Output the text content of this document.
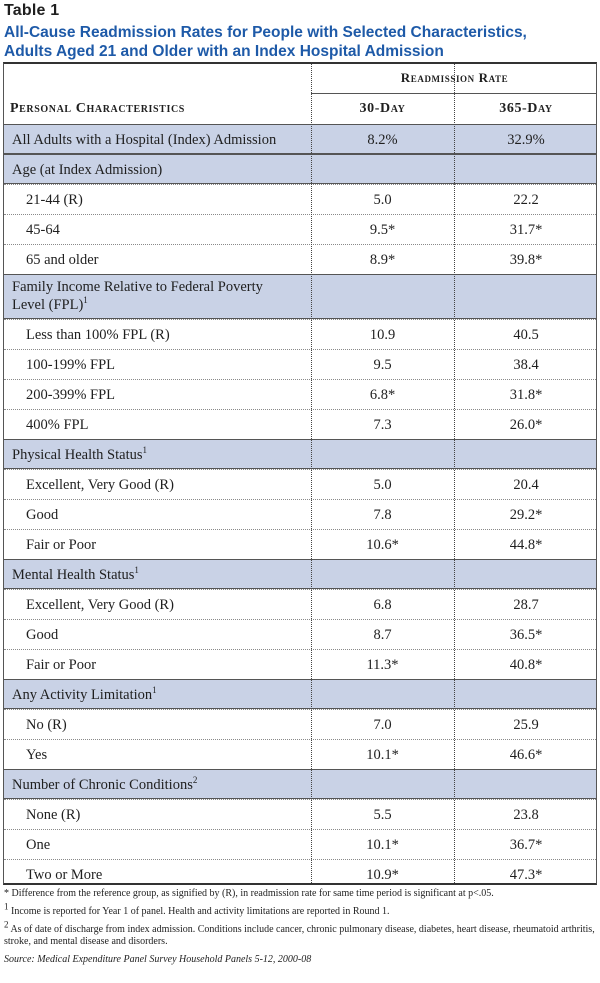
Table 1
All-Cause Readmission Rates for People with Selected Characteristics,
Adults Aged 21 and Older with an Index Hospital Admission
All Adults with a Hospital (Index) Admission	8.2%	32.9%
Age (at Index Admission)
21-44 (R)	5.0	22.2
45-64	9.5*	31.7*
65 and older	8.9*	39.8*
Family Income Relative to Federal Poverty
Level (FPL)$^1$
Less than 100% FPL (R)	10.9	40.5
100-199% FPL	9.5	38.4
200-399% FPL	6.8*	31.8*
400% FPL	7.3	26.0*
Physical Health Status$^1$
Excellent, Very Good (R)	5.0	20.4
Good	7.8	29.2*
Fair or Poor	10.6*	44.8*
Mental Health Status$^1$
Excellent, Very Good (R)	6.8	28.7
Good	8.7	36.5*
Fair or Poor	11.3*	40.8*
Any Activity Limitation$^1$
No (R)	7.0	25.9
Yes	10.1*	46.6*
Number of Chronic Conditions$^2$
None (R)	5.5	23.8
One	10.1*	36.7*
Two or More	10.9*	47.3*
Readmission Rate
Personal Characteristics	30-Day	365-Day
* Difference from the reference group, as signified by (R), in readmission rate for same time period is significant at p<.05.
$^1$ Income is reported for Year 1 of panel. Health and activity limitations are reported in Round 1.
$^2$ As of date of discharge from index admission. Conditions include cancer, chronic pulmonary disease, diabetes, heart disease, rheumatoid arthritis, stroke, and mental disease and disorders.
Source: Medical Expenditure Panel Survey Household Panels 5-12, 2000-08
